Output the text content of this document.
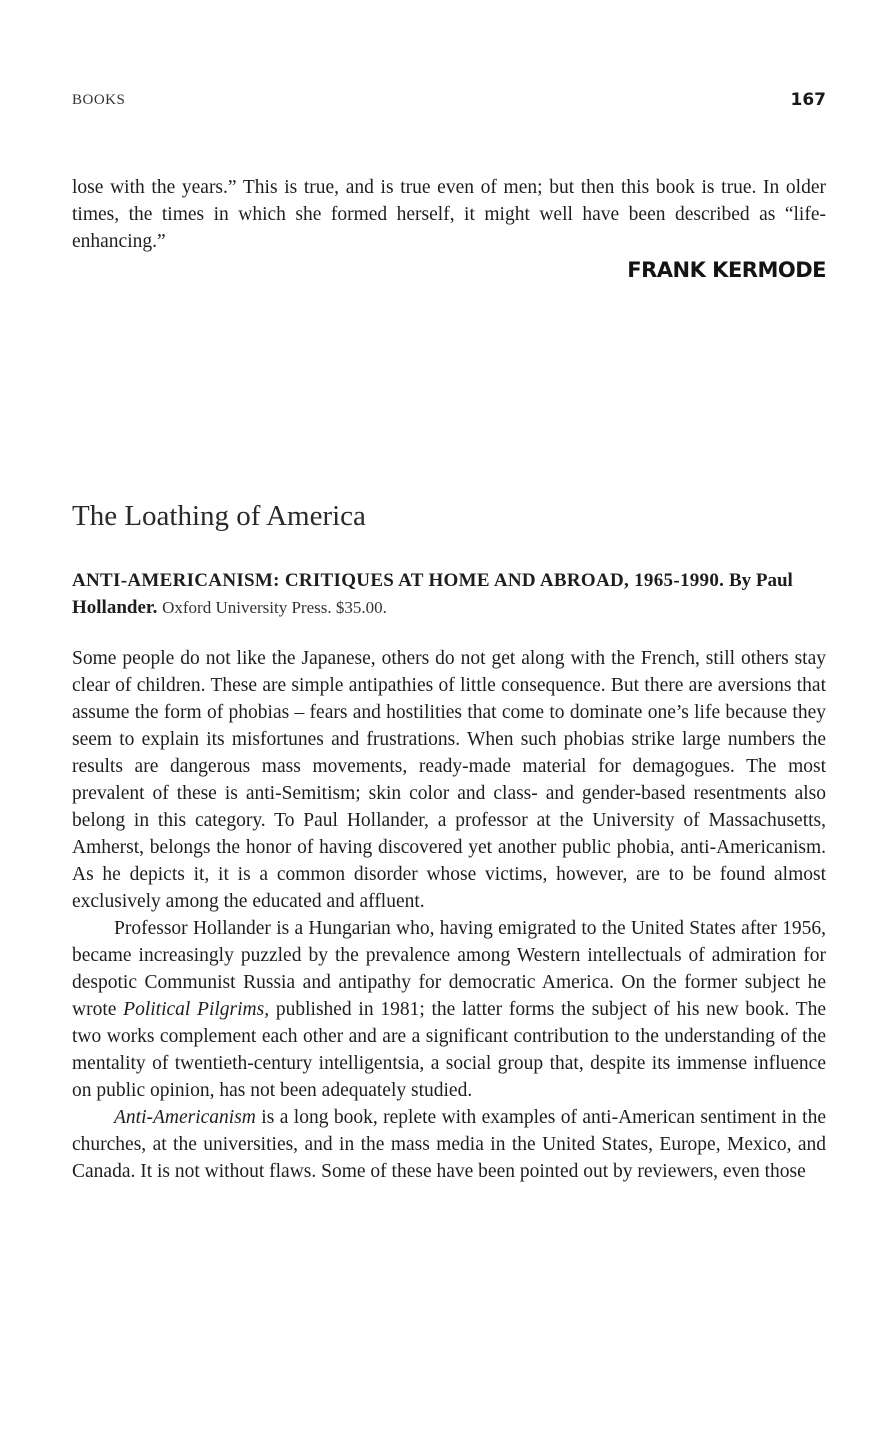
BOOKS	167

lose with the years.” This is true, and is true even of men; but then this book is true. In older times, the times in which she formed herself, it might well have been described as “life-enhancing.”

FRANK KERMODE
The Loathing of America

ANTI-AMERICANISM: CRITIQUES AT HOME AND ABROAD, 1965-1990. By Paul Hollander. Oxford University Press. $35.00.

Some people do not like the Japanese, others do not get along with the French, still others stay clear of children. These are simple antipathies of little consequence. But there are aversions that assume the form of phobias – fears and hostilities that come to dominate one’s life because they seem to explain its misfortunes and frustrations. When such phobias strike large numbers the results are dangerous mass movements, ready-made material for demagogues. The most prevalent of these is anti-Semitism; skin color and class- and gender-based resentments also belong in this category. To Paul Hollander, a professor at the University of Massachusetts, Amherst, belongs the honor of having discovered yet another public phobia, anti-Americanism. As he depicts it, it is a common disorder whose victims, however, are to be found almost exclusively among the educated and affluent.

Professor Hollander is a Hungarian who, having emigrated to the United States after 1956, became increasingly puzzled by the prevalence among Western intellectuals of admiration for despotic Communist Russia and antipathy for democratic America. On the former subject he wrote Political Pilgrims, published in 1981; the latter forms the subject of his new book. The two works complement each other and are a significant contribution to the understanding of the mentality of twentieth-century intelligentsia, a social group that, despite its immense influence on public opinion, has not been adequately studied.

Anti-Americanism is a long book, replete with examples of anti-American sentiment in the churches, at the universities, and in the mass media in the United States, Europe, Mexico, and Canada. It is not without flaws. Some of these have been pointed out by reviewers, even those
